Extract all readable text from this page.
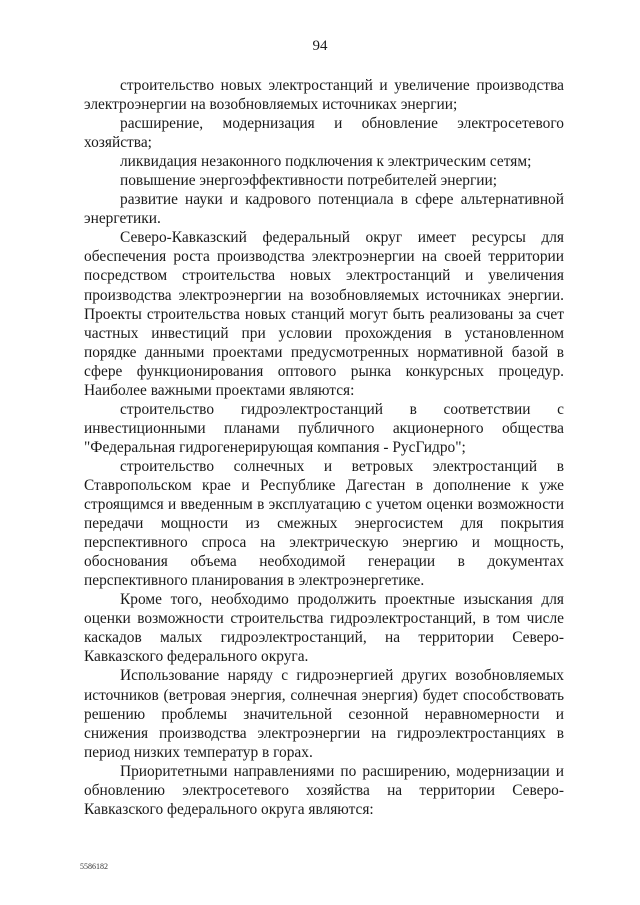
94

строительство новых электростанций и увеличение производства электроэнергии на возобновляемых источниках энергии;

расширение, модернизация и обновление электросетевого хозяйства;

ликвидация незаконного подключения к электрическим сетям;

повышение энергоэффективности потребителей энергии;

развитие науки и кадрового потенциала в сфере альтернативной энергетики.

Северо-Кавказский федеральный округ имеет ресурсы для обеспечения роста производства электроэнергии на своей территории посредством строительства новых электростанций и увеличения производства электроэнергии на возобновляемых источниках энергии. Проекты строительства новых станций могут быть реализованы за счет частных инвестиций при условии прохождения в установленном порядке данными проектами предусмотренных нормативной базой в сфере функционирования оптового рынка конкурсных процедур. Наиболее важными проектами являются:

строительство гидроэлектростанций в соответствии с инвестиционными планами публичного акционерного общества "Федеральная гидрогенерирующая компания - РусГидро";

строительство солнечных и ветровых электростанций в Ставропольском крае и Республике Дагестан в дополнение к уже строящимся и введенным в эксплуатацию с учетом оценки возможности передачи мощности из смежных энергосистем для покрытия перспективного спроса на электрическую энергию и мощность, обоснования объема необходимой генерации в документах перспективного планирования в электроэнергетике.

Кроме того, необходимо продолжить проектные изыскания для оценки возможности строительства гидроэлектростанций, в том числе каскадов малых гидроэлектростанций, на территории Северо-Кавказского федерального округа.

Использование наряду с гидроэнергией других возобновляемых источников (ветровая энергия, солнечная энергия) будет способствовать решению проблемы значительной сезонной неравномерности и снижения производства электроэнергии на гидроэлектростанциях в период низких температур в горах.

Приоритетными направлениями по расширению, модернизации и обновлению электросетевого хозяйства на территории Северо-Кавказского федерального округа являются:

5586182
